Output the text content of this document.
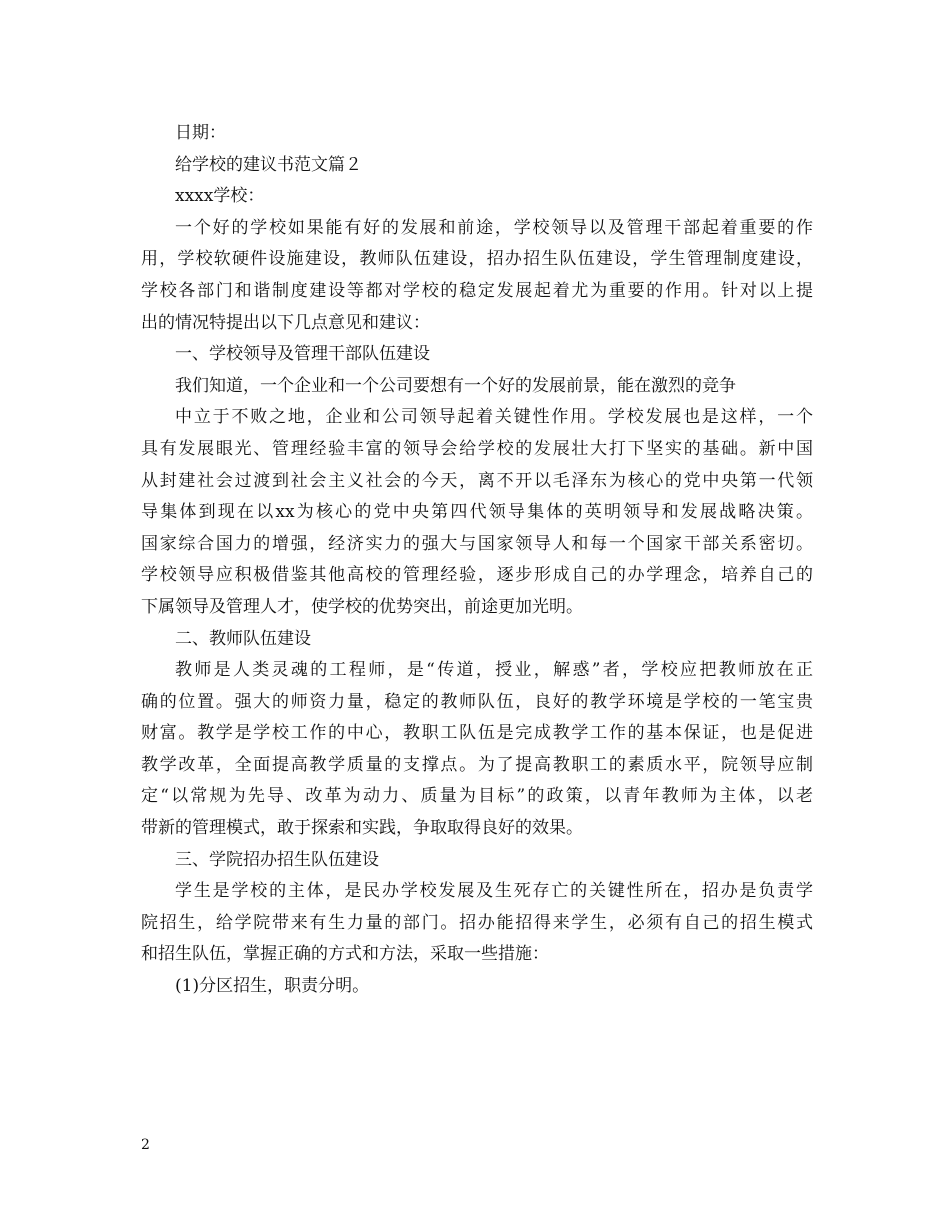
日期：
给学校的建议书范文篇２
xxxx学校：
一个好的学校如果能有好的发展和前途，学校领导以及管理干部起着重要的作
用，学校软硬件设施建设，教师队伍建设，招办招生队伍建设，学生管理制度建设，
学校各部门和谐制度建设等都对学校的稳定发展起着尤为重要的作用。针对以上提
出的情况特提出以下几点意见和建议：
一、学校领导及管理干部队伍建设
我们知道，一个企业和一个公司要想有一个好的发展前景，能在激烈的竞争
中立于不败之地，企业和公司领导起着关键性作用。学校发展也是这样，一个
具有发展眼光、管理经验丰富的领导会给学校的发展壮大打下坚实的基础。新中国
从封建社会过渡到社会主义社会的今天，离不开以毛泽东为核心的党中央第一代领
导集体到现在以xx为核心的党中央第四代领导集体的英明领导和发展战略决策。
国家综合国力的增强，经济实力的强大与国家领导人和每一个国家干部关系密切。
学校领导应积极借鉴其他高校的管理经验，逐步形成自己的办学理念，培养自己的
下属领导及管理人才，使学校的优势突出，前途更加光明。
二、教师队伍建设
教师是人类灵魂的工程师，是“传道，授业，解惑”者，学校应把教师放在正
确的位置。强大的师资力量，稳定的教师队伍，良好的教学环境是学校的一笔宝贵
财富。教学是学校工作的中心，教职工队伍是完成教学工作的基本保证，也是促进
教学改革，全面提高教学质量的支撑点。为了提高教职工的素质水平，院领导应制
定“以常规为先导、改革为动力、质量为目标”的政策，以青年教师为主体，以老
带新的管理模式，敢于探索和实践，争取取得良好的效果。
三、学院招办招生队伍建设
学生是学校的主体，是民办学校发展及生死存亡的关键性所在，招办是负责学
院招生，给学院带来有生力量的部门。招办能招得来学生，必须有自己的招生模式
和招生队伍，掌握正确的方式和方法，采取一些措施：
(1)分区招生，职责分明。
2
